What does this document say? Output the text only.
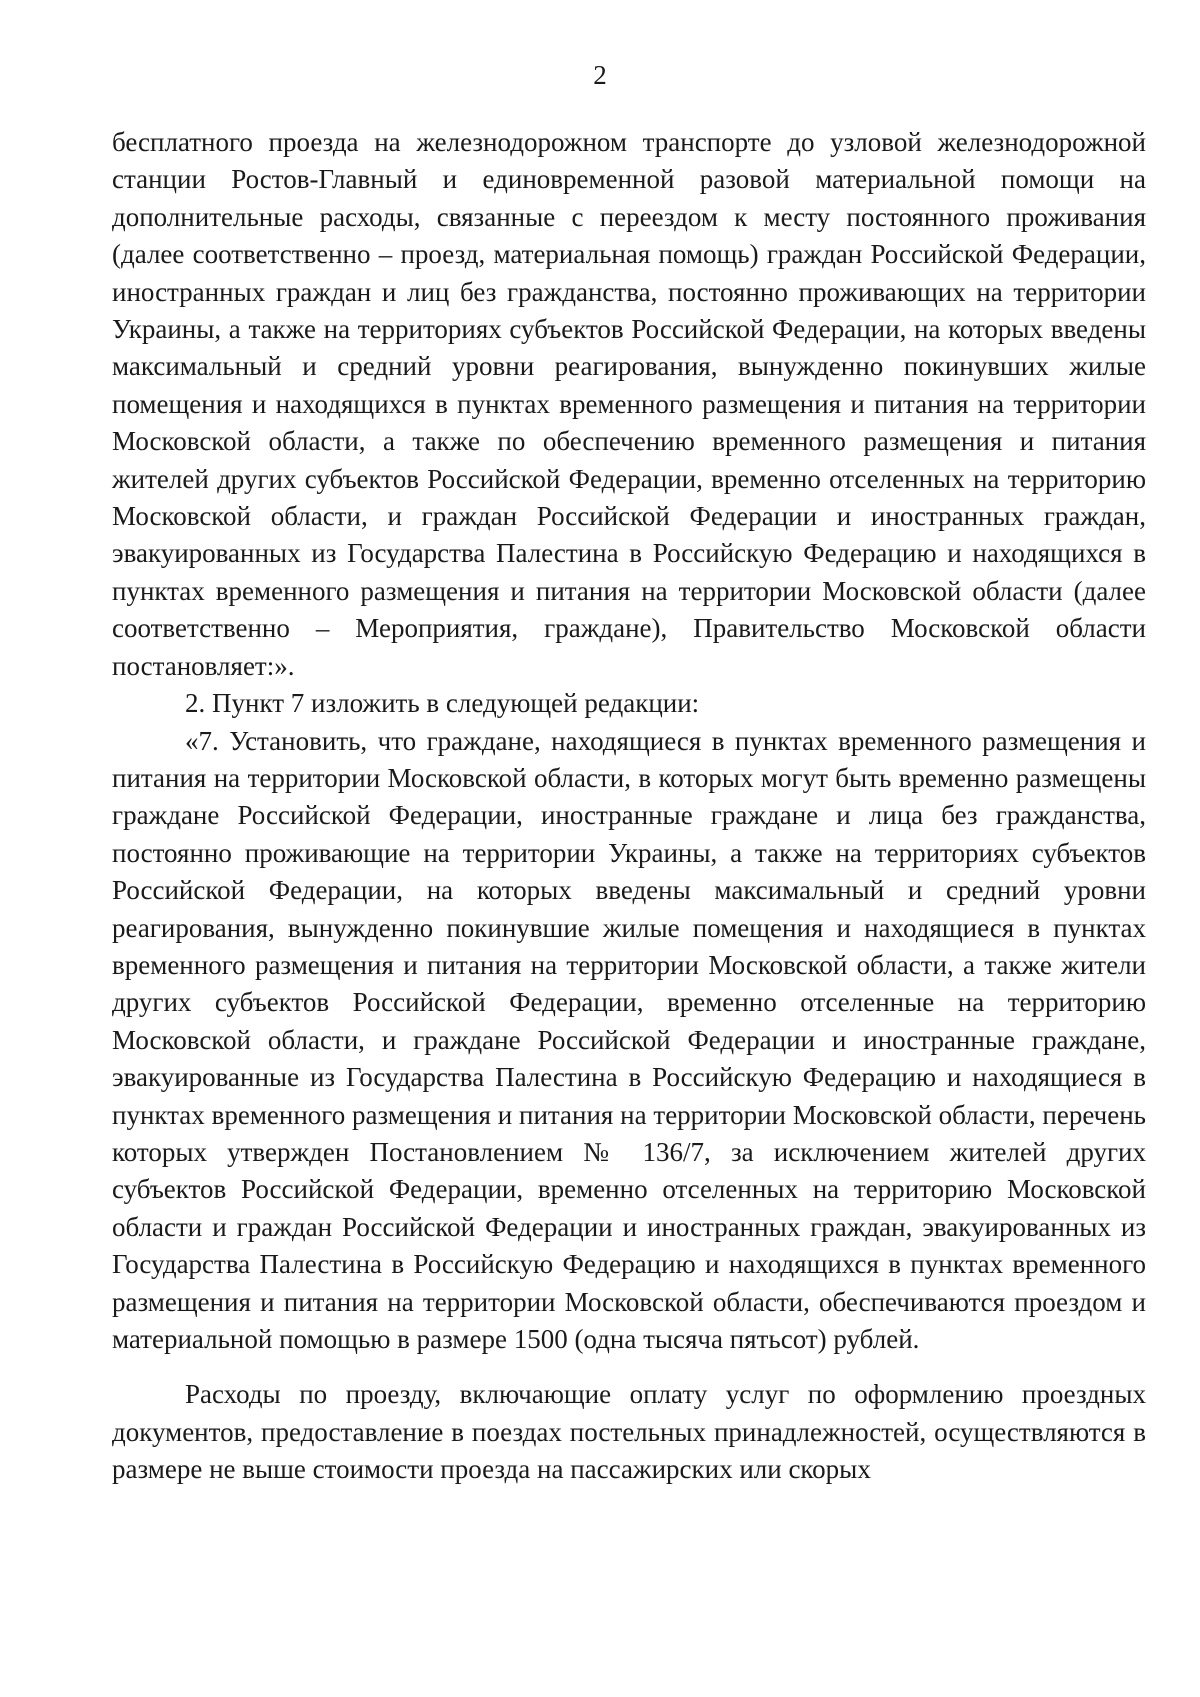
2

бесплатного проезда на железнодорожном транспорте до узловой железнодорожной станции Ростов-Главный и единовременной разовой материальной помощи на дополнительные расходы, связанные с переездом к месту постоянного проживания (далее соответственно – проезд, материальная помощь) граждан Российской Федерации, иностранных граждан и лиц без гражданства, постоянно проживающих на территории Украины, а также на территориях субъектов Российской Федерации, на которых введены максимальный и средний уровни реагирования, вынужденно покинувших жилые помещения и находящихся в пунктах временного размещения и питания на территории Московской области, а также по обеспечению временного размещения и питания жителей других субъектов Российской Федерации, временно отселенных на территорию Московской области, и граждан Российской Федерации и иностранных граждан, эвакуированных из Государства Палестина в Российскую Федерацию и находящихся в пунктах временного размещения и питания на территории Московской области (далее соответственно – Мероприятия, граждане), Правительство Московской области постановляет:».

2. Пункт 7 изложить в следующей редакции:

«7. Установить, что граждане, находящиеся в пунктах временного размещения и питания на территории Московской области, в которых могут быть временно размещены граждане Российской Федерации, иностранные граждане и лица без гражданства, постоянно проживающие на территории Украины, а также на территориях субъектов Российской Федерации, на которых введены максимальный и средний уровни реагирования, вынужденно покинувшие жилые помещения и находящиеся в пунктах временного размещения и питания на территории Московской области, а также жители других субъектов Российской Федерации, временно отселенные на территорию Московской области, и граждане Российской Федерации и иностранные граждане, эвакуированные из Государства Палестина в Российскую Федерацию и находящиеся в пунктах временного размещения и питания на территории Московской области, перечень которых утвержден Постановлением № 136/7, за исключением жителей других субъектов Российской Федерации, временно отселенных на территорию Московской области и граждан Российской Федерации и иностранных граждан, эвакуированных из Государства Палестина в Российскую Федерацию и находящихся в пунктах временного размещения и питания на территории Московской области, обеспечиваются проездом и материальной помощью в размере 1500 (одна тысяча пятьсот) рублей.

Расходы по проезду, включающие оплату услуг по оформлению проездных документов, предоставление в поездах постельных принадлежностей, осуществляются в размере не выше стоимости проезда на пассажирских или скорых
